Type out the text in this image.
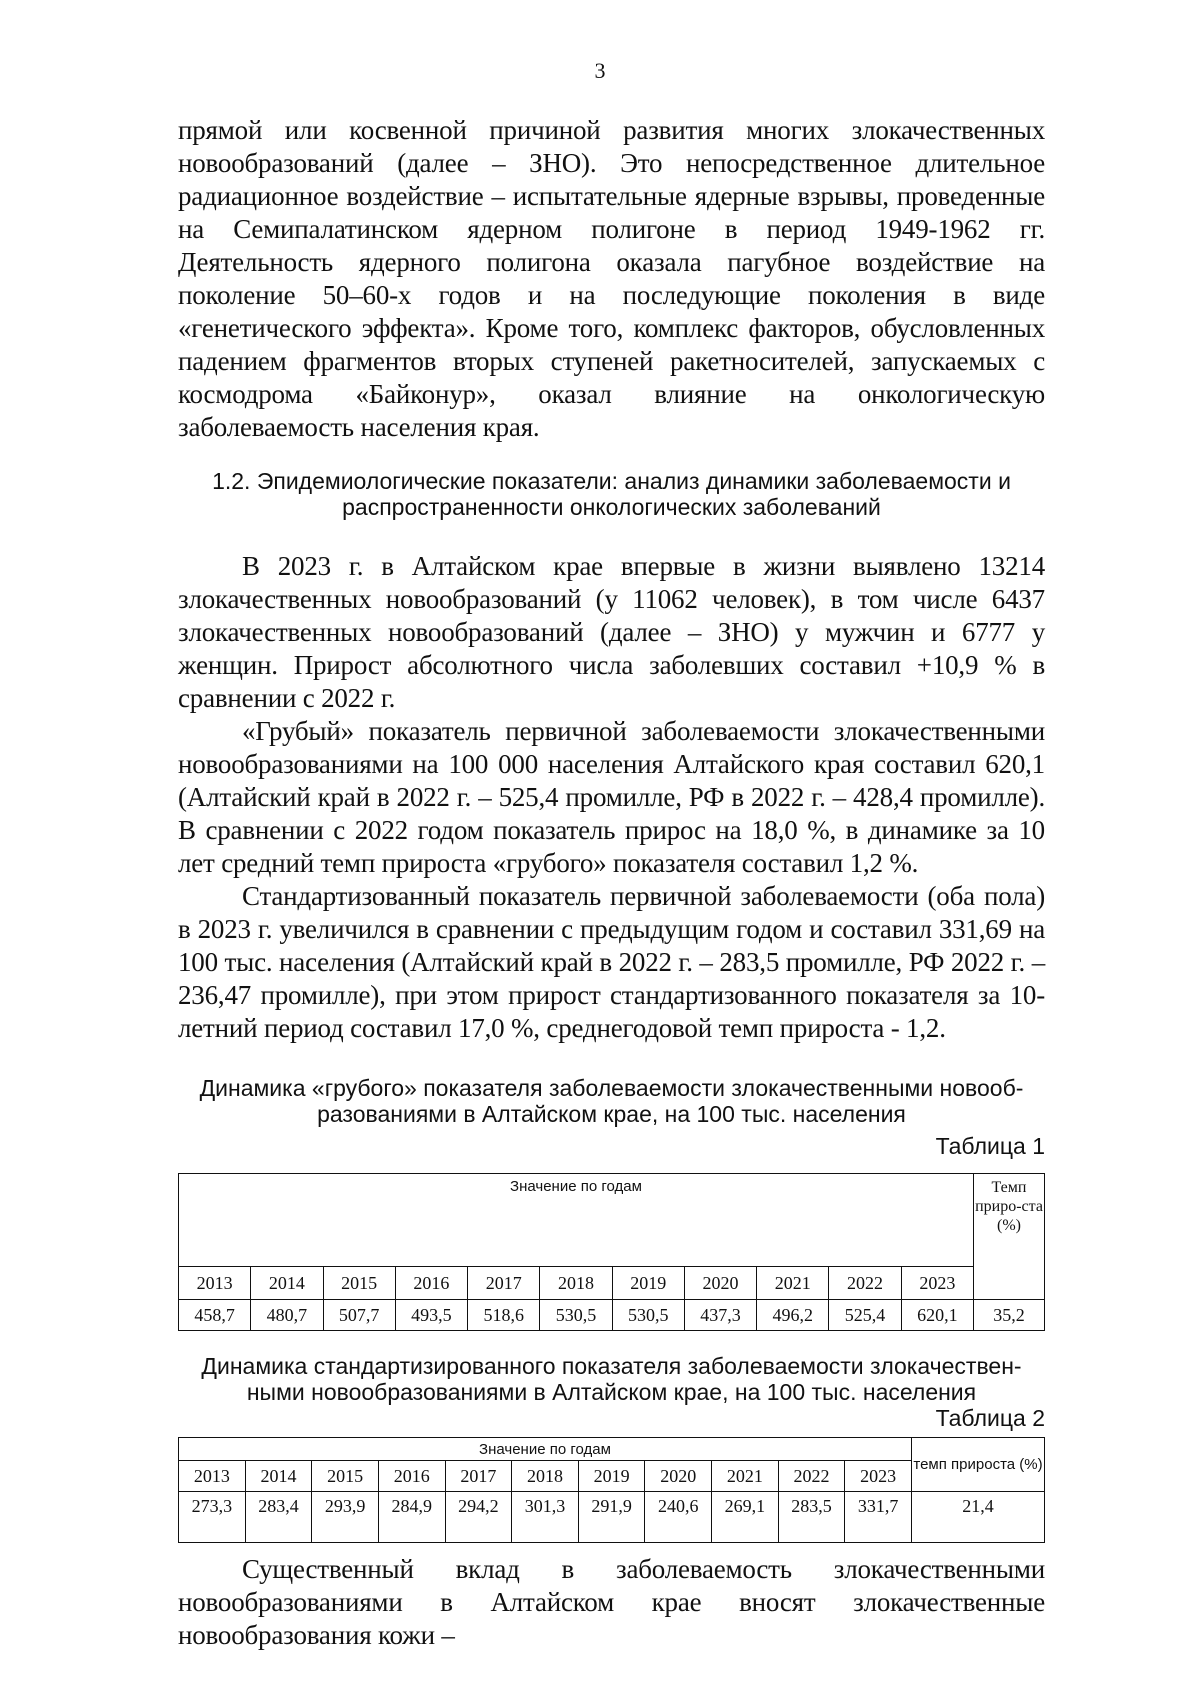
3

прямой или косвенной причиной развития многих злокачественных новообразований (далее – ЗНО). Это непосредственное длительное радиационное воздействие – испытательные ядерные взрывы, проведенные на Семипалатинском ядерном полигоне в период 1949-1962 гг. Деятельность ядерного полигона оказала пагубное воздействие на поколение 50–60-х годов и на последующие поколения в виде «генетического эффекта». Кроме того, комплекс факторов, обусловленных падением фрагментов вторых ступеней ракетносителей, запускаемых с космодрома «Байконур», оказал влияние на онкологическую заболеваемость населения края.

1.2. Эпидемиологические показатели: анализ динамики заболеваемости и

распространенности онкологических заболеваний

В 2023 г. в Алтайском крае впервые в жизни выявлено 13214 злокачественных новообразований (у 11062 человек), в том числе 6437 злокачественных новообразований (далее – ЗНО) у мужчин и 6777 у женщин. Прирост абсолютного числа заболевших составил +10,9 % в сравнении с 2022 г.

«Грубый» показатель первичной заболеваемости злокачественными новообразованиями на 100 000 населения Алтайского края составил 620,1 (Алтайский край в 2022 г. – 525,4 промилле, РФ в 2022 г. – 428,4 промилле). В сравнении с 2022 годом показатель прирос на 18,0 %, в динамике за 10 лет средний темп прироста «грубого» показателя составил 1,2 %.

Стандартизованный показатель первичной заболеваемости (оба пола) в 2023 г. увеличился в сравнении с предыдущим годом и составил 331,69 на 100 тыс. населения (Алтайский край в 2022 г. – 283,5 промилле, РФ 2022 г. – 236,47 промилле), при этом прирост стандартизованного показателя за 10-летний период составил 17,0 %, среднегодовой темп прироста - 1,2.

Динамика «грубого» показателя заболеваемости злокачественными новооб-

разованиями в Алтайском крае, на 100 тыс. населения

Таблица 1

Значение по годам											Темп приро-ста (%)
2013	2014	2015	2016	2017	2018	2019	2020	2021	2022	2023	
458,7	480,7	507,7	493,5	518,6	530,5	530,5	437,3	496,2	525,4	620,1	35,2

Динамика стандартизированного показателя заболеваемости злокачествен-

ными новообразованиями в Алтайском крае, на 100 тыс. населения

Таблица 2

Значение по годам											темп прироста (%)
2013	2014	2015	2016	2017	2018	2019	2020	2021	2022	2023	
273,3	283,4	293,9	284,9	294,2	301,3	291,9	240,6	269,1	283,5	331,7	21,4

Существенный вклад в заболеваемость злокачественными новообразованиями в Алтайском крае вносят злокачественные новообразования кожи –
